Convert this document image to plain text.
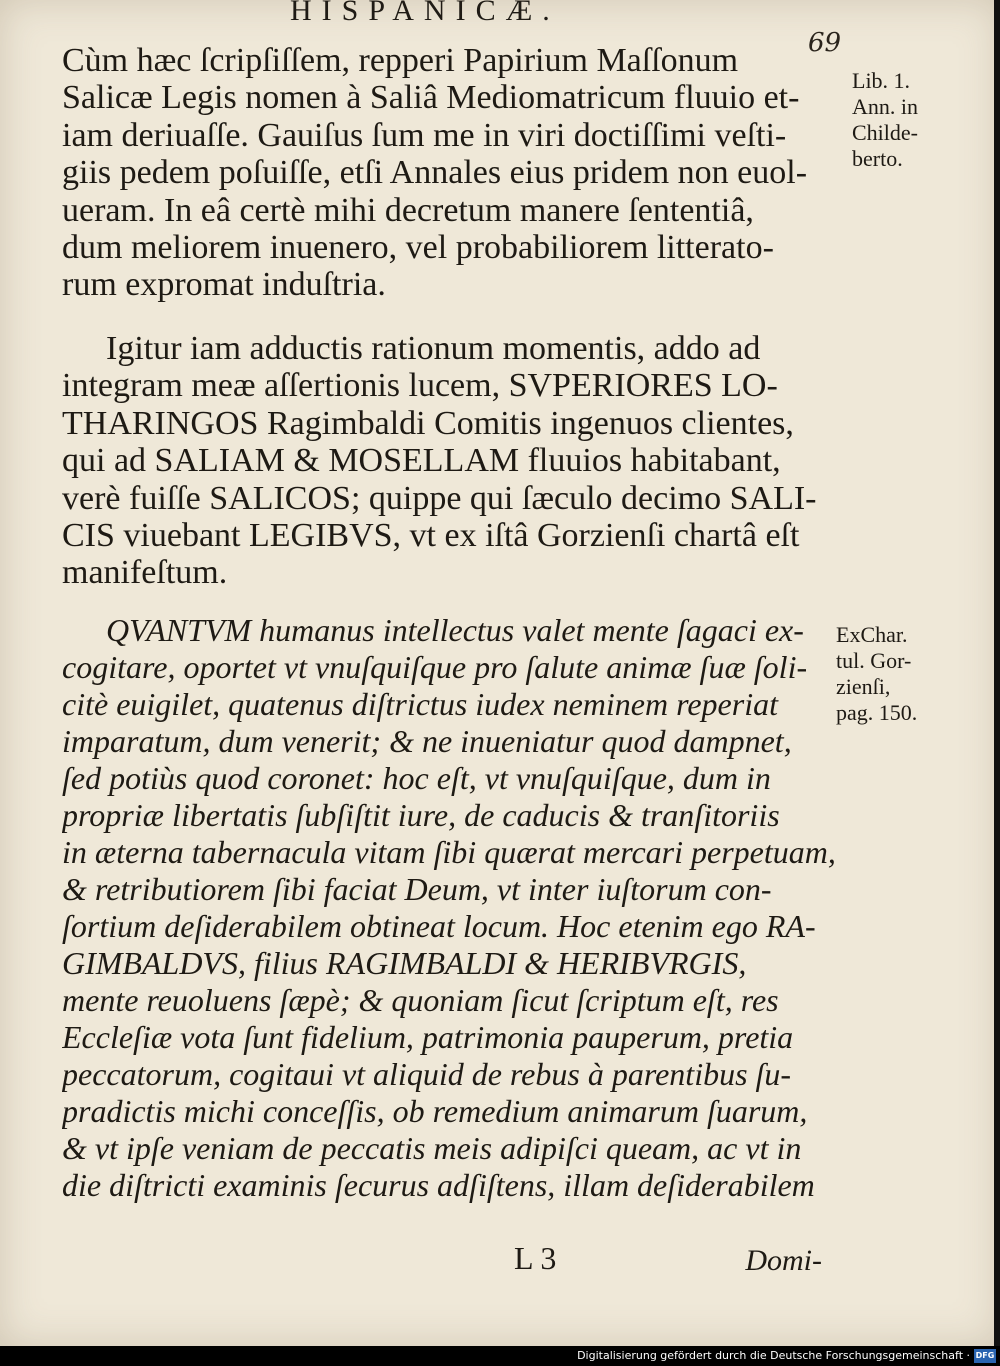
HISPANICÆ.
69
Cùm hæc ſcripſiſſem, repperi Papirium Maſſonum
Salicæ Legis nomen à Saliâ Mediomatricum fluuio et-
iam deriuaſſe. Gauiſus ſum me in viri doctiſſimi veſti-
giis pedem poſuiſſe, etſi Annales eius pridem non euol-
ueram. In eâ certè mihi decretum manere ſententiâ,
dum meliorem inuenero, vel probabiliorem litterato-
rum expromat induſtria.
Igitur iam adductis rationum momentis, addo ad
integram meæ aſſertionis lucem, SVPERIORES LO-
THARINGOS Ragimbaldi Comitis ingenuos clientes,
qui ad SALIAM & MOSELLAM fluuios habitabant,
verè fuiſſe SALICOS; quippe qui ſæculo decimo SALI-
CIS viuebant LEGIBVS, vt ex iſtâ Gorzienſi chartâ eſt
manifeſtum.
QVANTVM humanus intellectus valet mente ſagaci ex-
cogitare, oportet vt vnuſquiſque pro ſalute animæ ſuæ ſoli-
citè euigilet, quatenus diſtrictus iudex neminem reperiat
imparatum, dum venerit; & ne inueniatur quod dampnet,
ſed potiùs quod coronet: hoc eſt, vt vnuſquiſque, dum in
propriæ libertatis ſubſiſtit iure, de caducis & tranſitoriis
in æterna tabernacula vitam ſibi quærat mercari perpetuam,
& retributiorem ſibi faciat Deum, vt inter iuſtorum con-
ſortium deſiderabilem obtineat locum. Hoc etenim ego RA-
GIMBALDVS, filius RAGIMBALDI & HERIBVRGIS,
mente reuoluens ſæpè; & quoniam ſicut ſcriptum eſt, res
Eccleſiæ vota ſunt fidelium, patrimonia pauperum, pretia
peccatorum, cogitaui vt aliquid de rebus à parentibus ſu-
pradictis michi conceſſis, ob remedium animarum ſuarum,
& vt ipſe veniam de peccatis meis adipiſci queam, ac vt in
die diſtricti examinis ſecurus adſiſtens, illam deſiderabilem
Lib. 1.
Ann. in
Childe-
berto.
ExChar.
tul. Gor-
zienſi,
pag. 150.
L 3	Domi-
Digitalisierung gefördert durch die Deutsche Forschungsgemeinschaft · DFG
